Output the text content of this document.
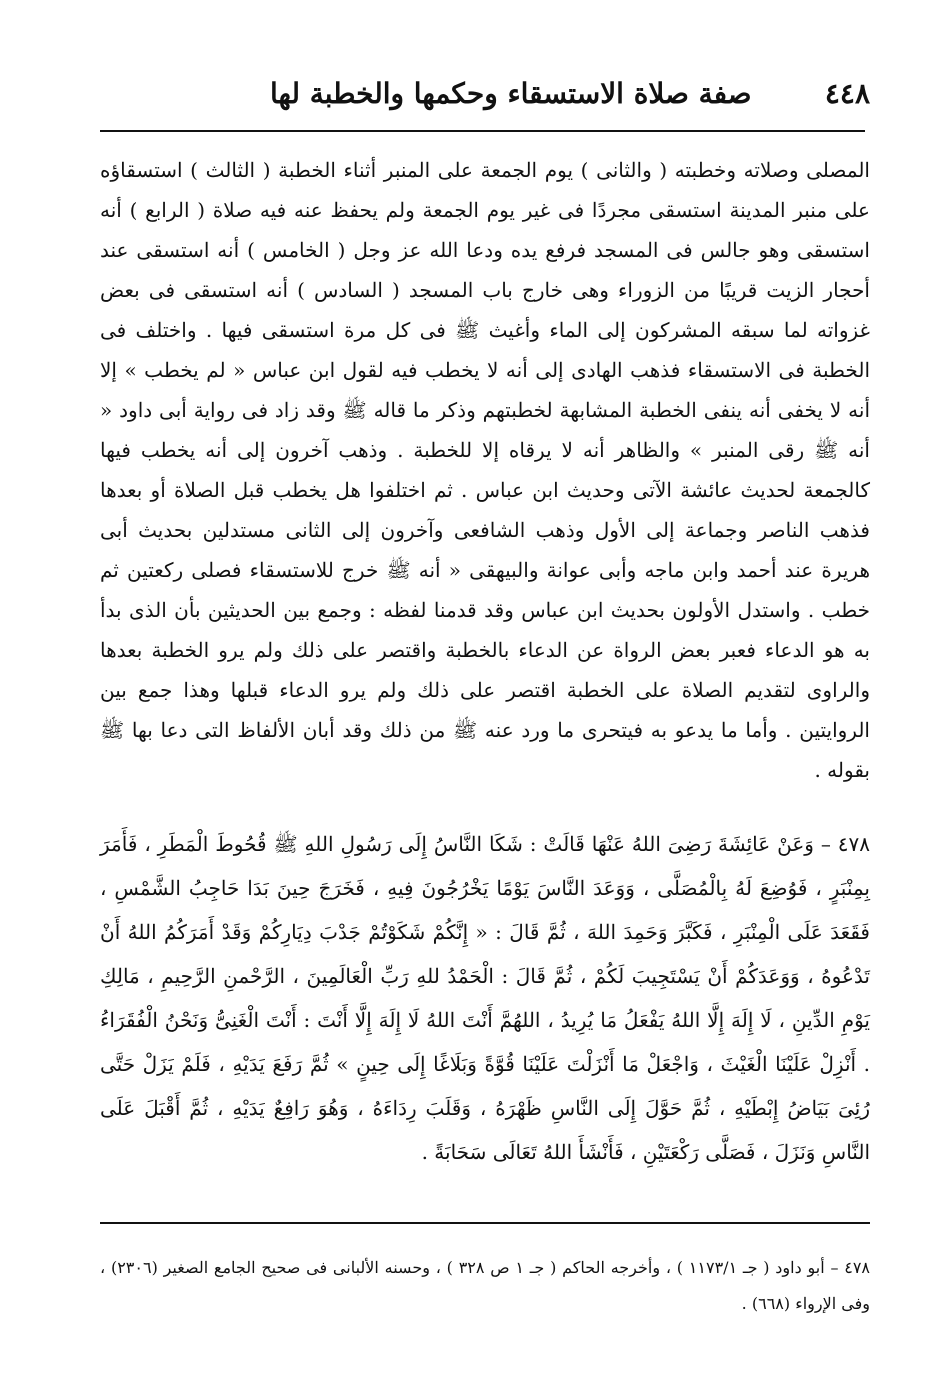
٤٤٨
صفة صلاة الاستسقاء وحكمها والخطبة لها

المصلى وصلاته وخطبته ( والثانى ) يوم الجمعة على المنبر أثناء الخطبة ( الثالث ) استسقاؤه على منبر المدينة استسقى مجردًا فى غير يوم الجمعة ولم يحفظ عنه فيه صلاة ( الرابع ) أنه استسقى وهو جالس فى المسجد فرفع يده ودعا الله عز وجل ( الخامس ) أنه استسقى عند أحجار الزيت قريبًا من الزوراء وهى خارج باب المسجد ( السادس ) أنه استسقى فى بعض غزواته لما سبقه المشركون إلى الماء وأغيث ﷺ فى كل مرة استسقى فيها . واختلف فى الخطبة فى الاستسقاء فذهب الهادى إلى أنه لا يخطب فيه لقول ابن عباس « لم يخطب » إلا أنه لا يخفى أنه ينفى الخطبة المشابهة لخطبتهم وذكر ما قاله ﷺ وقد زاد فى رواية أبى داود « أنه ﷺ رقى المنبر » والظاهر أنه لا يرقاه إلا للخطبة . وذهب آخرون إلى أنه يخطب فيها كالجمعة لحديث عائشة الآتى وحديث ابن عباس . ثم اختلفوا هل يخطب قبل الصلاة أو بعدها فذهب الناصر وجماعة إلى الأول وذهب الشافعى وآخرون إلى الثانى مستدلين بحديث أبى هريرة عند أحمد وابن ماجه وأبى عوانة والبيهقى « أنه ﷺ خرج للاستسقاء فصلى ركعتين ثم خطب . واستدل الأولون بحديث ابن عباس وقد قدمنا لفظه : وجمع بين الحديثين بأن الذى بدأ به هو الدعاء فعبر بعض الرواة عن الدعاء بالخطبة واقتصر على ذلك ولم يرو الخطبة بعدها والراوى لتقديم الصلاة على الخطبة اقتصر على ذلك ولم يرو الدعاء قبلها وهذا جمع بين الروايتين . وأما ما يدعو به فيتحرى ما ورد عنه ﷺ من ذلك وقد أبان الألفاظ التى دعا بها ﷺ بقوله .

٤٧٨ – وَعَنْ عَائِشَةَ رَضِىَ اللهُ عَنْهَا قَالَتْ : شَكَا النَّاسُ إِلَى رَسُولِ اللهِ ﷺ قُحُوطَ الْمَطَرِ ، فَأَمَرَ بِمِنْبَرٍ ، فَوُضِعَ لَهُ بِالْمُصَلَّى ، وَوَعَدَ النَّاسَ يَوْمًا يَخْرُجُونَ فِيهِ ، فَخَرَجَ حِينَ بَدَا حَاجِبُ الشَّمْسِ ، فَقَعَدَ عَلَى الْمِنْبَرِ ، فَكَبَّرَ وَحَمِدَ اللهَ ، ثُمَّ قَالَ : « إِنَّكُمْ شَكَوْتُمْ جَدْبَ دِيَارِكُمْ وَقَدْ أَمَرَكُمُ اللهُ أَنْ تَدْعُوهُ ، وَوَعَدَكُمْ أَنْ يَسْتَجِيبَ لَكُمْ ، ثُمَّ قَالَ : الْحَمْدُ للهِ رَبِّ الْعَالَمِينَ ، الرَّحْمنِ الرَّحِيمِ ، مَالِكِ يَوْمِ الدِّينِ ، لَا إِلَهَ إِلَّا اللهُ يَفْعَلُ مَا يُرِيدُ ، اللهُمَّ أَنْتَ اللهُ لَا إِلَهَ إِلَّا أَنْتَ : أَنْتَ الْغَنِىُّ وَنَحْنُ الْفُقَرَاءُ . أَنْزِلْ عَلَيْنَا الْغَيْثَ ، وَاجْعَلْ مَا أَنْزَلْتَ عَلَيْنَا قُوَّةً وَبَلَاغًا إِلَى حِينٍ » ثُمَّ رَفَعَ يَدَيْهِ ، فَلَمْ يَزَلْ حَتَّى رُئِىَ بَيَاضُ إِبْطَيْهِ ، ثُمَّ حَوَّلَ إِلَى النَّاسِ ظَهْرَهُ ، وَقَلَبَ رِدَاءَهُ ، وَهُوَ رَافِعٌ يَدَيْهِ ، ثُمَّ أَقْبَلَ عَلَى النَّاسِ وَنَزَلَ ، فَصَلَّى رَكْعَتَيْنِ ، فَأَنْشَأَ اللهُ تَعَالَى سَحَابَةً .

٤٧٨ – أبو داود ( جـ ١١٧٣/١ ) ، وأخرجه الحاكم ( جـ ١ ص ٣٢٨ ) ، وحسنه الألبانى فى صحيح الجامع الصغير (٢٣٠٦) ، وفى الإرواء (٦٦٨) .
